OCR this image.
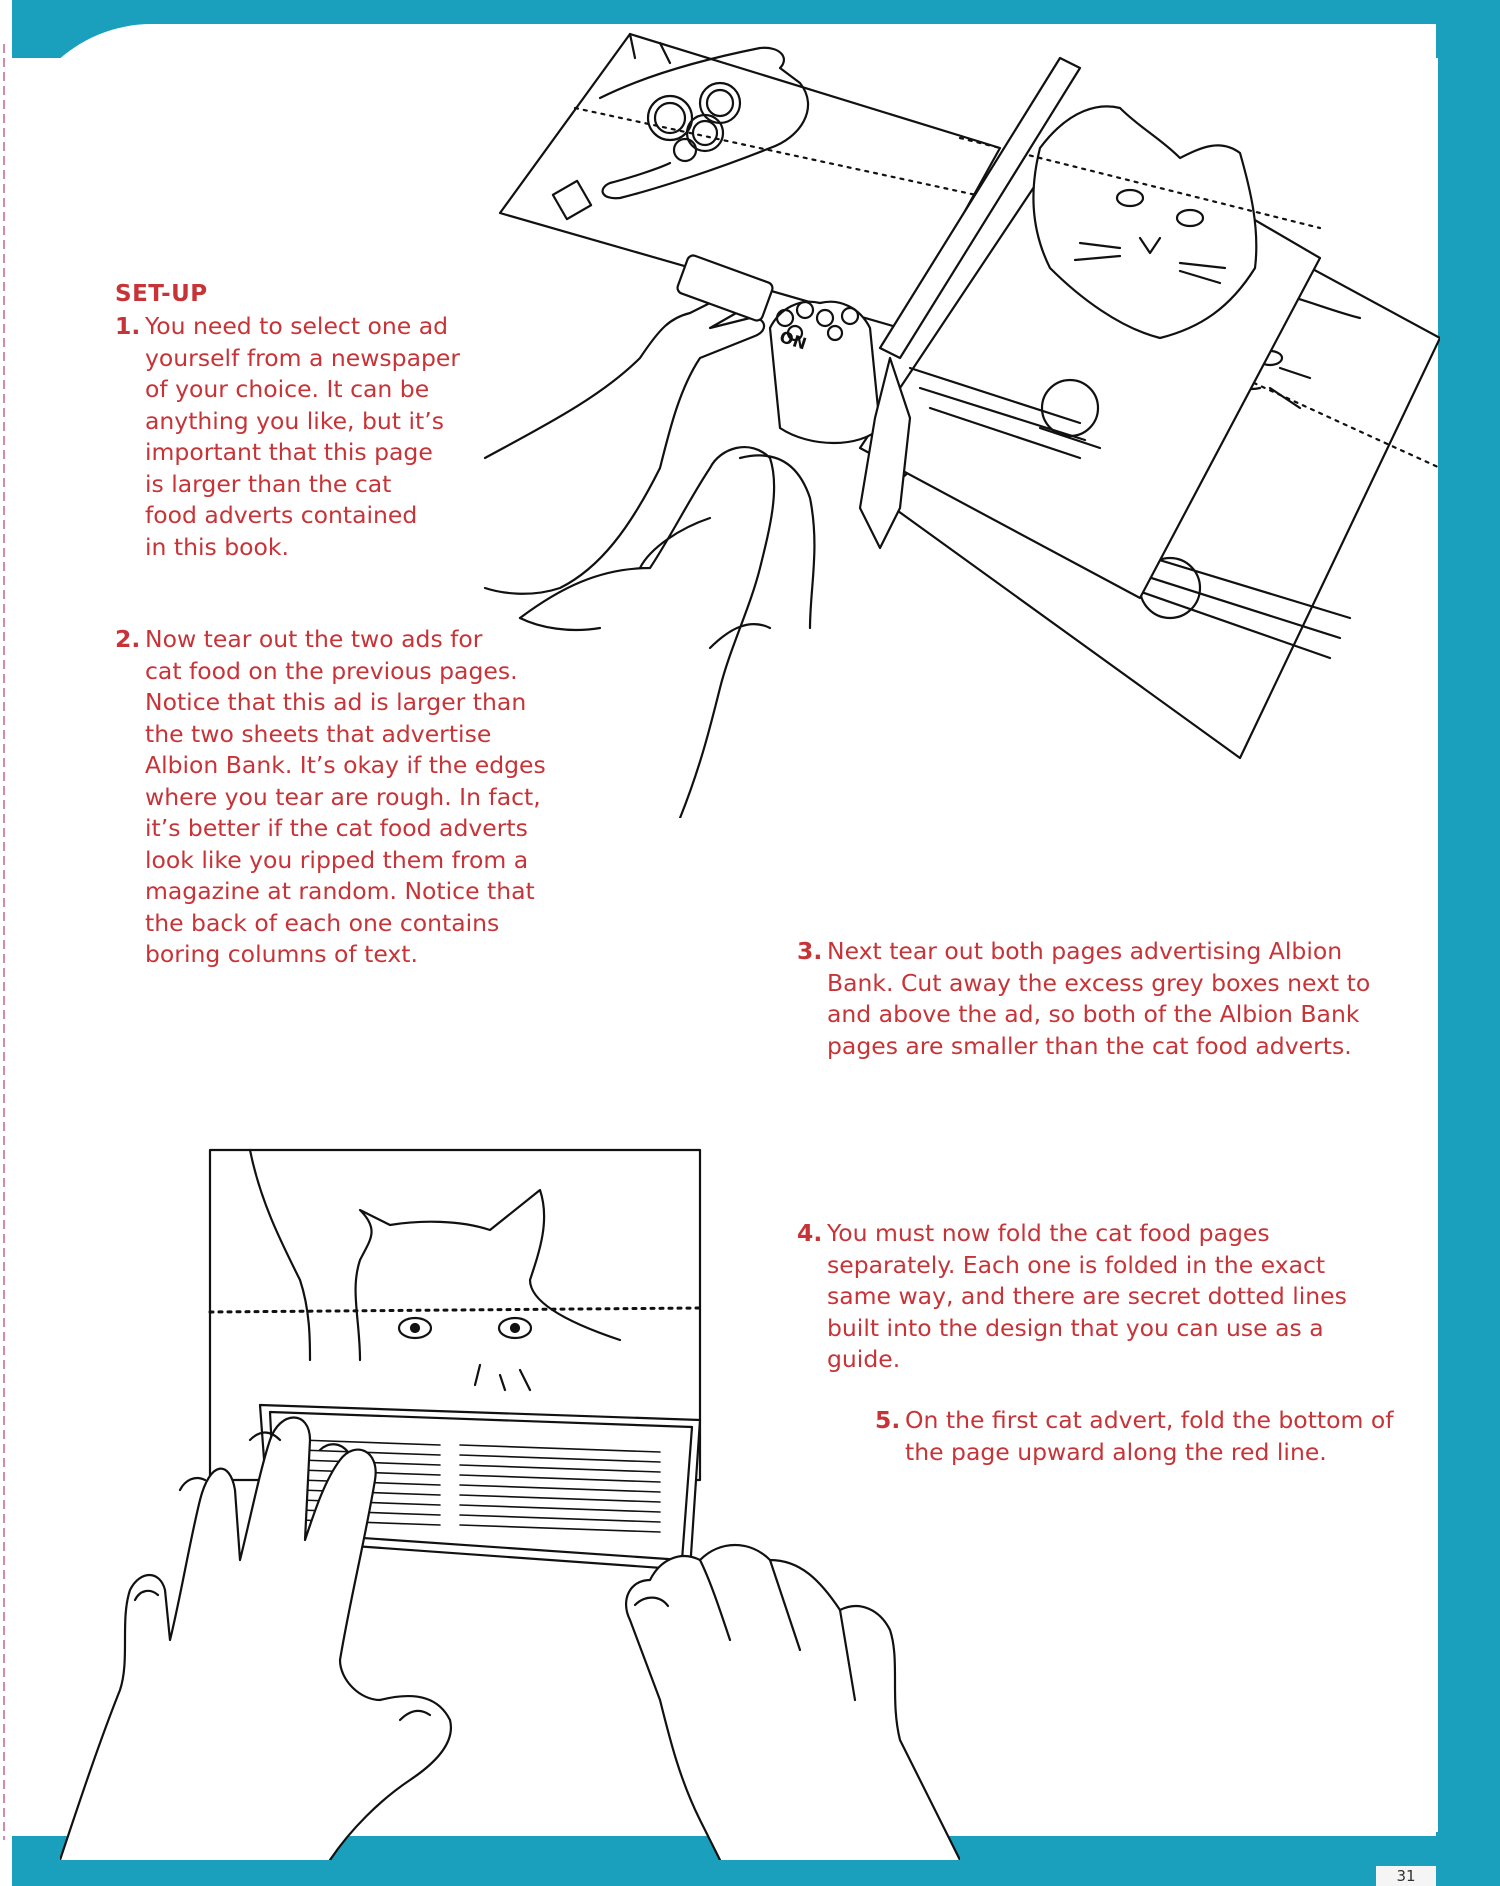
31
SET-UP

1. You need to select one ad
yourself from a newspaper
of your choice. It can be
anything you like, but it’s
important that this page
is larger than the cat
food adverts contained
in this book.

2. Now tear out the two ads for
cat food on the previous pages.
Notice that this ad is larger than
the two sheets that advertise
Albion Bank. It’s okay if the edges
where you tear are rough. In fact,
it’s better if the cat food adverts
look like you ripped them from a
magazine at random. Notice that
the back of each one contains
boring columns of text.	3. Next tear out both pages advertising Albion
Bank. Cut away the excess grey boxes next to
and above the ad, so both of the Albion Bank
pages are smaller than the cat food adverts.

4. You must now fold the cat food pages
separately. Each one is folded in the exact
same way, and there are secret dotted lines
built into the design that you can use as a
guide.

5. On the first cat advert, fold the bottom of
the page upward along the red line.

ON
